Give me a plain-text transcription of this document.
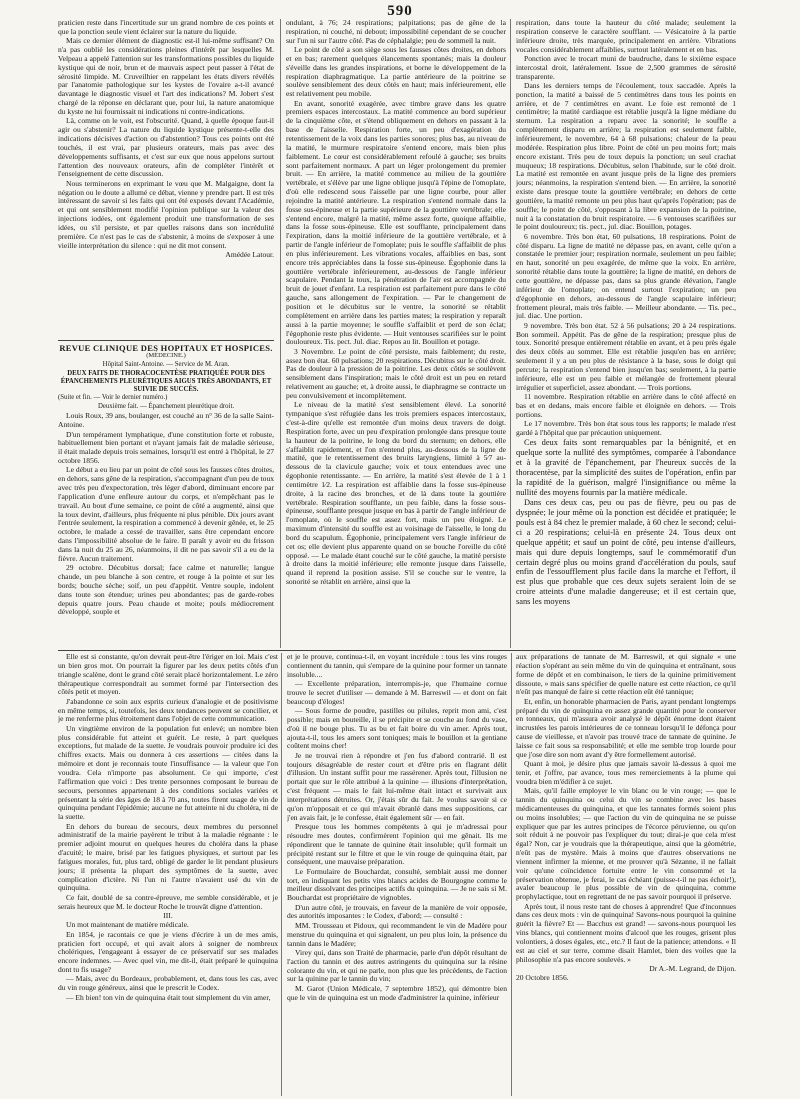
590

praticien reste dans l'incertitude sur un grand nombre de ces points et que la ponction seule vient éclairer sur la nature du liquide.

Mais ce dernier élément de diagnostic est-il lui-même suffisant? On n'a pas oublié les considérations pleines d'intérêt par lesquelles M. Velpeau a appelé l'attention sur les transformations possibles du liquide kystique qui de noir, brun et de mauvais aspect peut passer à l'état de sérosité limpide. M. Cruveilhier en rappelant les états divers révélés par l'anatomie pathologique sur les kystes de l'ovaire a-t-il avancé davantage le diagnostic visuel et l'art des indications? M. Jobert s'est chargé de la réponse en déclarant que, pour lui, la nature anatomique du kyste ne lui fournissait ni indications ni contre-indications.

Là, comme on le voit, est l'obscurité. Quand, à quelle époque faut-il agir ou s'abstenir? La nature du liquide kystique présente-t-elle des indications décisives d'action ou d'abstention? Tous ces points ont été touchés, il est vrai, par plusieurs orateurs, mais pas avec des développements suffisants, et c'est sur eux que nous appelons surtout l'attention des nouveaux orateurs, afin de compléter l'intérêt et l'enseignement de cette discussion.

Nous terminerons en exprimant le vœu que M. Malgaigne, dont la négation ou le doute a allumé ce débat, vienne y prendre part. Il est très intéressant de savoir si les faits qui ont été exposés devant l'Académie, et qui ont sensiblement modifié l'opinion publique sur la valeur des injections iodées, ont également produit une transformation de ses idées, ou s'il persiste, et par quelles raisons dans son incrédulité première. Ce n'est pas le cas de s'abstenir, à moins de s'exposer à une vieille interprétation du silence : qui ne dit mot consent.

Amédée Latour.

REVUE CLINIQUE DES HOPITAUX ET HOSPICES.
(MÉDECINE.)

Hôpital Saint-Antoine. — Service de M. Aran.

DEUX FAITS DE THORACOCENTÈSE PRATIQUÉE POUR DES ÉPANCHEMENTS PLEURÉTIQUES AIGUS TRÈS ABONDANTS, ET SUIVIE DE SUCCÈS.

(Suite et fin. — Voir le dernier numéro.)

Deuxième fait. — Épanchement pleurétique droit.

Louis Roux, 39 ans, boulanger, est couché au n° 36 de la salle Saint-Antoine.

D'un tempérament lymphatique, d'une constitution forte et robuste, habituellement bien portant et n'ayant jamais fait de maladie sérieuse, il était malade depuis trois semaines, lorsqu'il est entré à l'hôpital, le 27 octobre 1856.

Le début a eu lieu par un point de côté sous les fausses côtes droites, en dehors, sans gêne de la respiration, s'accompagnant d'un peu de toux avec très peu d'expectoration, très léger d'abord, diminuant encore par l'application d'une enfleure autour du corps, et n'empêchant pas le travail. Au bout d'une semaine, ce point de côté a augmenté, ainsi que la toux devint, d'ailleurs, plus fréquente ni plus pénible. Dix jours avant l'entrée seulement, la respiration a commencé à devenir gênée, et, le 25 octobre, le malade a cessé de travailler, sans être cependant encore dans l'impossibilité absolue de le faire. Il paraît y avoir eu du frisson dans la nuit du 25 au 26, néanmoins, il dit ne pas savoir s'il a eu de la fièvre. Aucun traitement.

29 octobre. Décubitus dorsal; face calme et naturelle; langue chaude, un peu blanche à son centre, et rouge à la pointe et sur les bords; bouche sèche; soif, un peu d'appétit. Ventre souple, indolent dans toute son étendue; urines peu abondantes; pas de garde-robes depuis quatre jours. Peau chaude et moite; pouls médiocrement développé, souple et

ondulant, à 76; 24 respirations; palpitations; pas de gêne de la respiration, ni couché, ni debout; impossibilité cependant de se coucher sur l'un ni sur l'autre côté. Pas de céphalalgie; peu de sommeil la nuit.

Le point de côté a son siège sous les fausses côtes droites, en dehors et en bas; rarement quelques élancements spontanés; mais la douleur s'éveille dans les grandes inspirations, et borne le développement de la respiration diaphragmatique. La partie antérieure de la poitrine se soulève sensiblement des deux côtés en haut; mais inférieurement, elle est relativement peu mobile.

En avant, sonorité exagérée, avec timbre grave dans les quatre premiers espaces intercostaux. La matité commence au bord supérieur de la cinquième côte, et s'étend obliquement en dehors en passant à la base de l'aisselle. Respiration forte, un peu d'exagération du retentissement de la voix dans les parties sonores; plus bas, au niveau de la matité, le murmure respiratoire s'entend encore, mais bien plus faiblement. Le cœur est considérablement refoulé à gauche; ses bruits sont parfaitement normaux. A part un léger prolongement du premier bruit. — En arrière, la matité commence au milieu de la gouttière vertébrale, et s'élève par une ligne oblique jusqu'à l'épine de l'omoplate, d'où elle redescend sous l'aisselle par une ligne courbe, pour aller rejoindre la matité antérieure. La respiration s'entend normale dans la fosse sus-épineuse et la partie supérieure de la gouttière vertébrale; elle s'entend encore, malgré la matité, même assez forte, quoique affaiblie, dans la fosse sous-épineuse. Elle est soufflante, principalement dans l'expiration, dans la moitié inférieure de la gouttière vertébrale, et à partir de l'angle inférieur de l'omoplate; puis le souffle s'affaiblit de plus en plus inférieurement. Les vibrations vocales, affaiblies en bas, sont encore très appréciables dans la fosse sus-épineuse. Égophonie dans la gouttière vertébrale inférieurement, au-dessous de l'angle inférieur scapulaire. Pendant la toux, la pénétration de l'air est accompagnée du bruit de jouet d'enfant. La respiration est parfaitement pure dans le côté gauche, sans allongement de l'expiration. — Par le changement de position et le décubitus sur le ventre, la sonorité se rétablit complètement en arrière dans les parties mates; la respiration y reparaît aussi à la partie moyenne; le souffle s'affaiblit et perd de son éclat; l'égophonie reste plus évidente. — Huit ventouses scarifiées sur le point douloureux. Tis. pect. Jul. diac. Repos au lit. Bouillon et potage.

3 Novembre. Le point de côté persiste, mais faiblement; du reste, assez bon état. 60 pulsations; 20 respirations. Décubitus sur le côté droit. Pas de douleur à la pression de la poitrine. Les deux côtés se soulèvent sensiblement dans l'inspiration; mais le côté droit est un peu en retard relativement au gauche; et, à droite aussi, le diaphragme se contracte un peu convulsivement et incomplètement.

Le niveau de la matité s'est sensiblement élevé. La sonorité tympanique s'est réfugiée dans les trois premiers espaces intercostaux, c'est-à-dire qu'elle est remontée d'un moins deux travers de doigt. Respiration forte, avec un peu d'expiration prolongée dans presque toute la hauteur de la poitrine, le long du bord du sternum; en dehors, elle s'affaiblit rapidement, et l'on n'entend plus, au-dessous de la ligne de matité, que le retentissement des bruits laryngiens, limité à 5⁄7 au-dessous de la clavicule gauche; voix et toux entendues avec une égophonie retentissante. — En arrière, la matité s'est élevée de 1 à 1 centimètre 1⁄2. La respiration est affaiblie dans la fosse sus-épineuse droite, à la racine des bronches, et de là dans toute la gouttière vertébrale. Respiration soufflante, un peu faible, dans la fosse sous-épineuse, soufflante presque jusque en bas à partir de l'angle inférieur de l'omoplate, où le souffle est assez fort, mais un peu éloigné. Le maximum d'intensité du souffle est au voisinage de l'aisselle, le long du bord du scapulum. Égophonie, principalement vers l'angle inférieur de cet os; elle devient plus apparente quand on se bouche l'oreille du côté opposé. — Le malade étant couché sur le côté gauche, la matité persiste à droite dans la moitié inférieure; elle remonte jusque dans l'aisselle, quand il reprend la position assise. S'il se couche sur le ventre, la sonorité se rétablit en arrière, ainsi que la

respiration, dans toute la hauteur du côté malade; seulement la respiration conserve le caractère soufflant. — Vésicatoire à la partie inférieure droite, très marquée, principalement en arrière. Vibrations vocales considérablement affaiblies, surtout latéralement et en bas.

Ponction avec le trocart muni de baudruche, dans le sixième espace intercostal droit, latéralement. Issue de 2,500 grammes de sérosité transparente.

Dans les derniers temps de l'écoulement, toux saccadée. Après la ponction, la matité a baissé de 5 centimètres dans tous les points en arrière, et de 7 centimètres en avant. Le foie est remonté de 1 centimètre; la matité cardiaque est rétablie jusqu'à la ligne médiane du sternum. La respiration a reparu avec la sonorité; le souffle a complètement disparu en arrière; la respiration est seulement faible, inférieurement, le novembre, 64 à 68 pulsations; chaleur de la peau modérée. Respiration plus libre. Point de côté un peu moins fort; mais encore existant. Très peu de toux depuis la ponction; un seul crachat muqueux; 18 respirations. Décubitus, selon l'habitude, sur le côté droit. La matité est remontée en avant jusque près de la ligne des premiers jours; néanmoins, la respiration s'entend bien. — En arrière, la sonorité existe dans presque toute la gouttière vertébrale; en dehors de cette gouttière, la matité remonte un peu plus haut qu'après l'opération; pas de souffle; le point de côté, s'opposant à la libre expansion de la poitrine, nuit à la constatation du bruit respiratoire. — 6 ventouses scarifiées sur le point douloureux; tis. pect., jul. diac. Bouillon, potages.

6 novembre. Très bon état, 60 pulsations, 18 respirations. Point de côté disparu. La ligne de matité ne dépasse pas, en avant, celle qu'on a constatée le premier jour; respiration normale, seulement un peu faible; en haut, sonorité un peu exagérée, de même que la voix. En arrière, sonorité rétablie dans toute la gouttière; la ligne de matité, en dehors de cette gouttière, ne dépasse pas, dans sa plus grande élévation, l'angle inférieur de l'omoplate; on entend surtout l'expiration; un peu d'égophonie en dehors, au-dessous de l'angle scapulaire inférieur; frottement pleural, mais très faible. — Meilleur abondante. — Tis. pec., jul. diac. Une portion.

9 novembre. Très bon état. 52 à 56 pulsations; 20 à 24 respirations. Bon sommeil. Appétit. Pas de gêne de la respiration; presque plus de toux. Sonorité presque entièrement rétablie en avant, et à peu près égale des deux côtés au sommet. Elle est rétablie jusqu'en bas en arrière; seulement il y a un peu plus de résistance à la base, sous le doigt qui percute; la respiration s'entend bien jusqu'en bas; seulement, à la partie inférieure, elle est un peu faible et mélangée de frottement pleural irrégulier et superficiel, assez abondant. — Trois portions.

11 novembre. Respiration rétablie en arrière dans le côté affecté en bas et en dedans, mais encore faible et éloignée en dehors. — Trois portions.

Le 17 novembre. Très bon état sous tous les rapports; le malade n'est gardé à l'hôpital que par précaution uniquement.

Ces deux faits sont remarquables par la bénignité, et en quelque sorte la nullité des symptômes, comparée à l'abondance et à la gravité de l'épanchement, par l'heureux succès de la thoracentèse, par la simplicité des suites de l'opération, enfin par la rapidité de la guérison, malgré l'insignifiance ou même la nullité des moyens fournis par la matière médicale.

Dans ces deux cas, peu ou pas de fièvre, peu ou pas de dyspnée; le jour même où la ponction est décidée et pratiquée; le pouls est à 84 chez le premier malade, à 60 chez le second; celui-ci a 20 respirations; celui-là en présente 24. Tous deux ont quelque appétit; et sauf un point de côté, peu intense d'ailleurs, mais qui dure depuis longtemps, sauf le commémoratif d'un certain degré plus ou moins grand d'accélération du pouls, sauf enfin de l'essoufflement plus facile dans la marche et l'effort, il est plus que probable que ces deux sujets seraient loin de se croire atteints d'une maladie dangereuse; et il est certain que, sans les moyens

Elle est si constante, qu'on devrait peut-être l'ériger en loi. Mais c'est un bien gros mot. On pourrait la figurer par les deux petits côtés d'un triangle scalène, dont le grand côté serait placé horizontalement. Le zéro thérapeutique correspondrait au sommet formé par l'intersection des côtés petit et moyen.

J'abandonne ce soin aux esprits curieux d'analogie et de positivisme en même temps, si, toutefois, les deux tendances peuvent se concilier, et je me renferme plus étroitement dans l'objet de cette communication.

Un vingtième environ de la population fut enlevé; un nombre bien plus considérable fut atteint et guérit. Le reste, à part quelques exceptions, fut malade de la suette. Je voudrais pouvoir produire ici des chiffres exacts. Mais ou donnera à ces assertions — citées dans la mémoire et dont je reconnais toute l'insuffisance — la valeur que l'on voudra. Cela n'importe pas absolument. Ce qui importe, c'est l'affirmation que voici : Des trente personnes composant le bureau de secours, personnes appartenant à des conditions sociales variées et présentant la série des âges de 18 à 70 ans, toutes firent usage de vin de quinquina pendant l'épidémie; aucune ne fut atteinte ni du choléra, ni de la suette.

En dehors du bureau de secours, deux membres du personnel administratif de la mairie payèrent le tribut à la maladie régnante : le premier adjoint mourut en quelques heures du choléra dans la phase d'acuité; le maire, brisé par les fatigues physiques, et surtout par les fatigues morales, fut, plus tard, obligé de garder le lit pendant plusieurs jours; il présenta la plupart des symptômes de la suette, avec complication d'ictère. Ni l'un ni l'autre n'avaient usé du vin de quinquina.

Ce fait, doublé de sa contre-épreuve, me semble considérable, et je serais heureux que M. le docteur Roche le trouvât digne d'attention.

III.

Un mot maintenant de matière médicale.

En 1854, je racontais ce que je viens d'écrire à un de mes amis, praticien fort occupé, et qui avait alors à soigner de nombreux cholériques, l'engageant à essayer de ce préservatif sur ses malades encore indemnes. — Avec quel vin, me dit-il, était préparé le quinquina dont tu fis usage?

— Mais, avec du Bordeaux, probablement, et, dans tous les cas, avec du vin rouge généreux, ainsi que le prescrit le Codex.

— Eh bien! ton vin de quinquina était tout simplement du vin amer,

et je le prouve, continua-t-il, en voyant incrédule : tous les vins rouges contiennent du tannin, qui s'empare de la quinine pour former un tannate insoluble....

— Excellente préparation, interrompis-je, que l'humaine cornue trouve le secret d'utiliser — demande à M. Barreswil — et dont on fait beaucoup d'éloges!

— Sous forme de poudre, pastilles ou pilules, reprit mon ami, c'est possible; mais en bouteille, il se précipite et se couche au fond du vase, d'où il ne bouge plus. Tu as bu et fait boire du vin amer. Après tout, ajouta-t-il, tous les amers sont toniques; mais le bouillon et la gentiane coûtent moins cher!

Je ne trouvai rien à répondre et j'en fus d'abord contrarié. Il est toujours désagréable de rester court et d'être pris en flagrant délit d'illusion. Un instant suffit pour me rassérener. Après tout, l'illusion ne portait que sur le rôle attribué à la quinine — illusions d'interprétation, c'est fréquent — mais le fait lui-même était intact et survivait aux interprétations détruites. Or, j'étais sûr du fait. Je voulus savoir si ce qu'on m'opposait et ce qui m'avait ébranlé dans mes suppositions, car j'en avais fait, je le confesse, était également sûr — en fait.

Presque tous les hommes compétents à qui je m'adressai pour résoudre mes doutes, confirmèrent l'opinion qui me gênait. Ils me répondirent que le tannate de quinine était insoluble; qu'il formait un précipité restant sur le filtre et que le vin rouge de quinquina était, par conséquent, une mauvaise préparation.

Le Formulaire de Bouchardat, consulté, semblait aussi me donner tort, en indiquant les petits vins blancs acides de Bourgogne comme le meilleur dissolvant des principes actifs du quinquina. — Je ne sais si M. Bouchardat est propriétaire de vignobles.

D'un autre côté, je trouvais, en faveur de la manière de voir opposée, des autorités imposantes : le Codex, d'abord; — consulté :

MM. Trousseau et Pidoux, qui recommandent le vin de Madère pour menstrue du quinquina et qui signalent, un peu plus loin, la présence du tannin dans le Madère;

Virey qui, dans son Traité de pharmacie, parle d'un dépôt résultant de l'action du tannin et des autres astringents du quinquina sur la résine colorante du vin, et qui ne parle, non plus que les précédents, de l'action sur la quinine par le tannin du vin;

M. Garot (Union Médicale, 7 septembre 1852), qui démontre bien que le vin de quinquina est un mode d'administrer la quinine, inférieur

aux préparations de tannate de M. Barreswil, et qui signale « une réaction s'opérant au sein même du vin de quinquina et entraînant, sous forme de dépôt et en combinaison, le tiers de la quinine primitivement dissoute, » mais sans spécifier de quelle nature est cette réaction, ce qu'il n'eût pas manqué de faire si cette réaction eût été tannique;

Et, enfin, un honorable pharmacien de Paris, ayant pendant longtemps préparé du vin de quinquina en assez grande quantité pour le conserver en tonneaux, qui m'assura avoir analysé le dépôt énorme dont étaient incrustées les parois intérieures de ce tonneau lorsqu'il le défonça pour cause de vieillesse, et n'avoir pas trouvé trace de tannate de quinine. Je laisse ce fait sous sa responsabilité; et elle me semble trop lourde pour que j'ose dire son nom avant d'y être formellement autorisé.

Quant à moi, je désire plus que jamais savoir là-dessus à quoi me tenir, et j'offre, par avance, tous mes remerciements à la plume qui voudra bien m'édifier à ce sujet.

Mais, qu'il faille employer le vin blanc ou le vin rouge; — que le tannin du quinquina ou celui du vin se combine avec les bases médicamenteuses du quinquina, et que les tannates formés soient plus ou moins insolubles; — que l'action du vin de quinquina ne se puisse expliquer que par les autres principes de l'écorce péruvienne, ou qu'on soit réduit à ne pouvoir pas l'expliquer du tout; dirai-je que cela m'est égal? Non, car je voudrais que la thérapeutique, ainsi que la géométrie, n'eût pas de mystère. Mais à moins que d'autres observations ne viennent infirmer la mienne, et me prouver qu'à Sézanne, il ne fallait voir qu'une coïncidence fortuite entre le vin consommé et la préservation obtenue, je ferai, le cas échéant (puisse-t-il ne pas échoir!), avaler beaucoup le plus possible de vin de quinquina, comme prophylactique, tout en regrettant de ne pas savoir pourquoi il préserve.

Après tout, il nous reste tant de choses à apprendre! Que d'inconnues dans ces deux mots : vin de quinquina! Savons-nous pourquoi la quinine guérit la fièvre? Et — Bacchus est grand! — savons-nous pourquoi les vins blancs, qui contiennent moins d'alcool que les rouges, grisent plus volontiers, à doses égales, etc., etc.? Il faut de la patience; attendons. « Il est au ciel et sur terre, comme disait Hamlet, bien des voiles que la philosophie n'a pas encore soulevés. »

Dr A.-M. Legrand, de Dijon.

20 Octobre 1856.
